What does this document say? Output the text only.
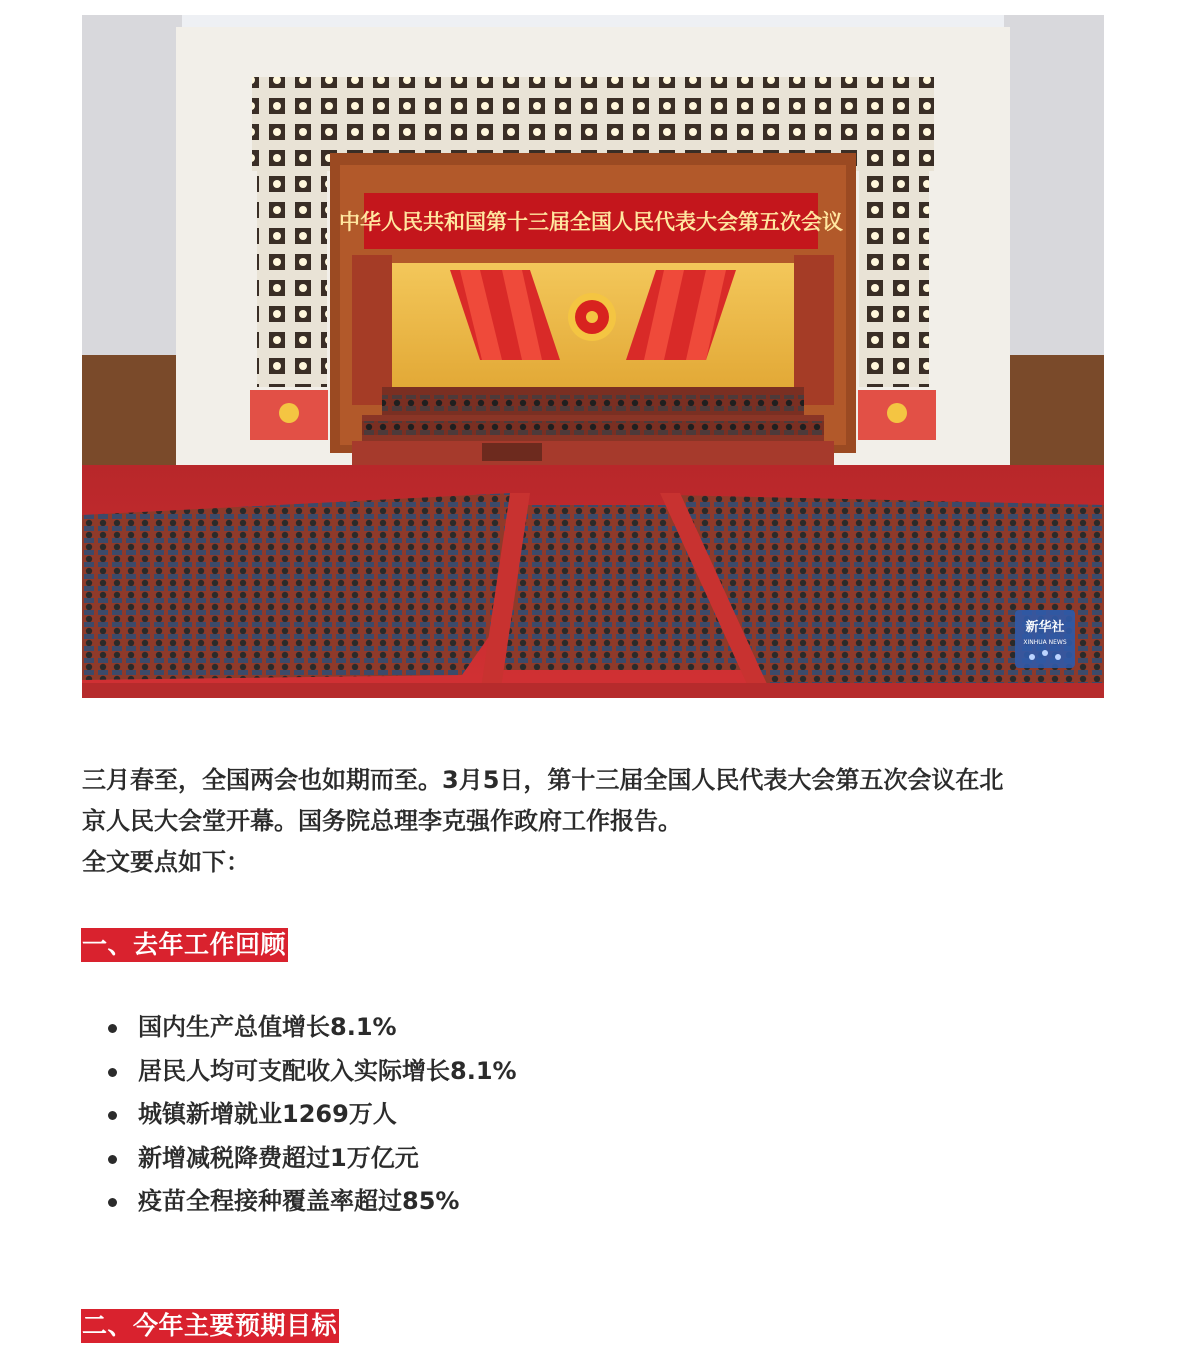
中华人民共和国第十三届全国人民代表大会第五次会议
新华社
XINHUA NEWS

三月春至，全国两会也如期而至。3月5日，第十三届全国人民代表大会第五次会议在北

京人民大会堂开幕。国务院总理李克强作政府工作报告。

全文要点如下：

一、去年工作回顾
国内生产总值增长8.1%
居民人均可支配收入实际增长8.1%
城镇新增就业1269万人
新增减税降费超过1万亿元
疫苗全程接种覆盖率超过85%
二、今年主要预期目标
